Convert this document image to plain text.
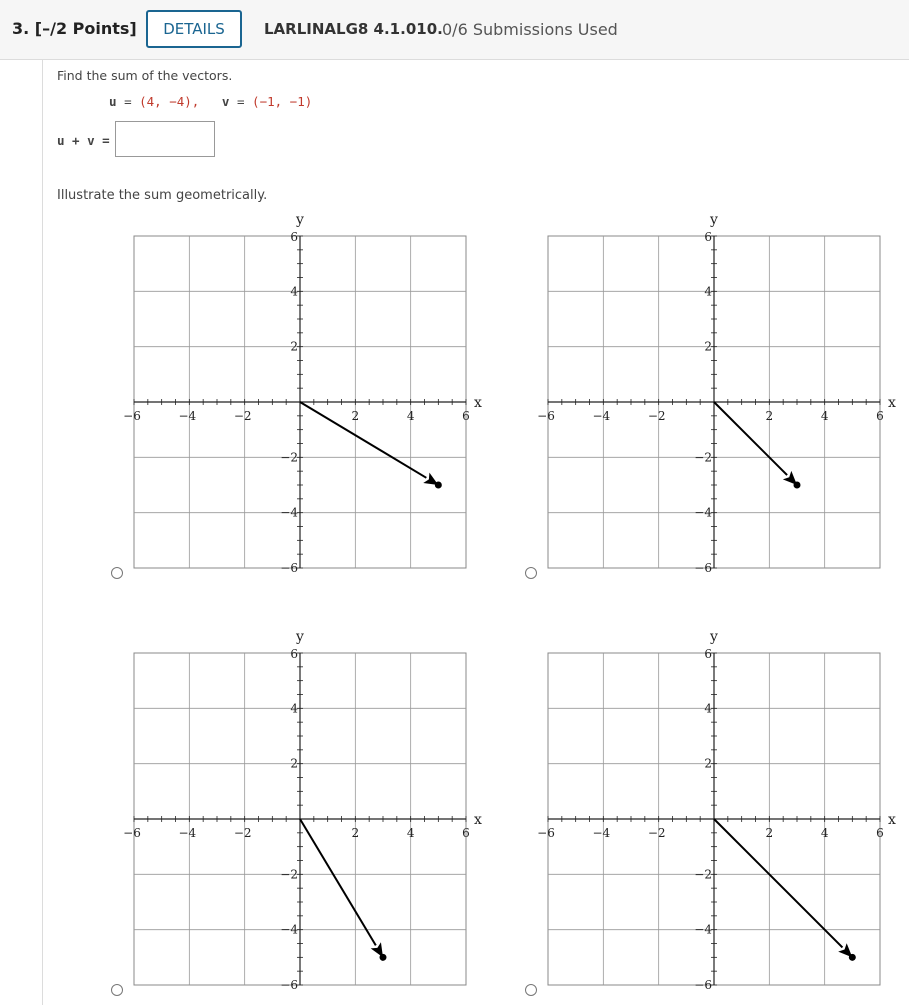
3. [–/2 Points]	DETAILS	LARLINALG8 4.1.010. 0/6 Submissions Used
Find the sum of the vectors.
u = (4, −4), v = (−1, −1)
u + v =
Illustrate the sum geometrically.
−6	−4	−2	2	4	6
6
4
2
−2
−4
−6
x
y
−6	−4	−2	2	4	6
6
4
2
−2
−4
−6
x
y
−6	−4	−2	2	4	6
6
4
2
−2
−4
−6
x
y
−6	−4	−2	2	4	6
6
4
2
−2
−4
−6
x
y
